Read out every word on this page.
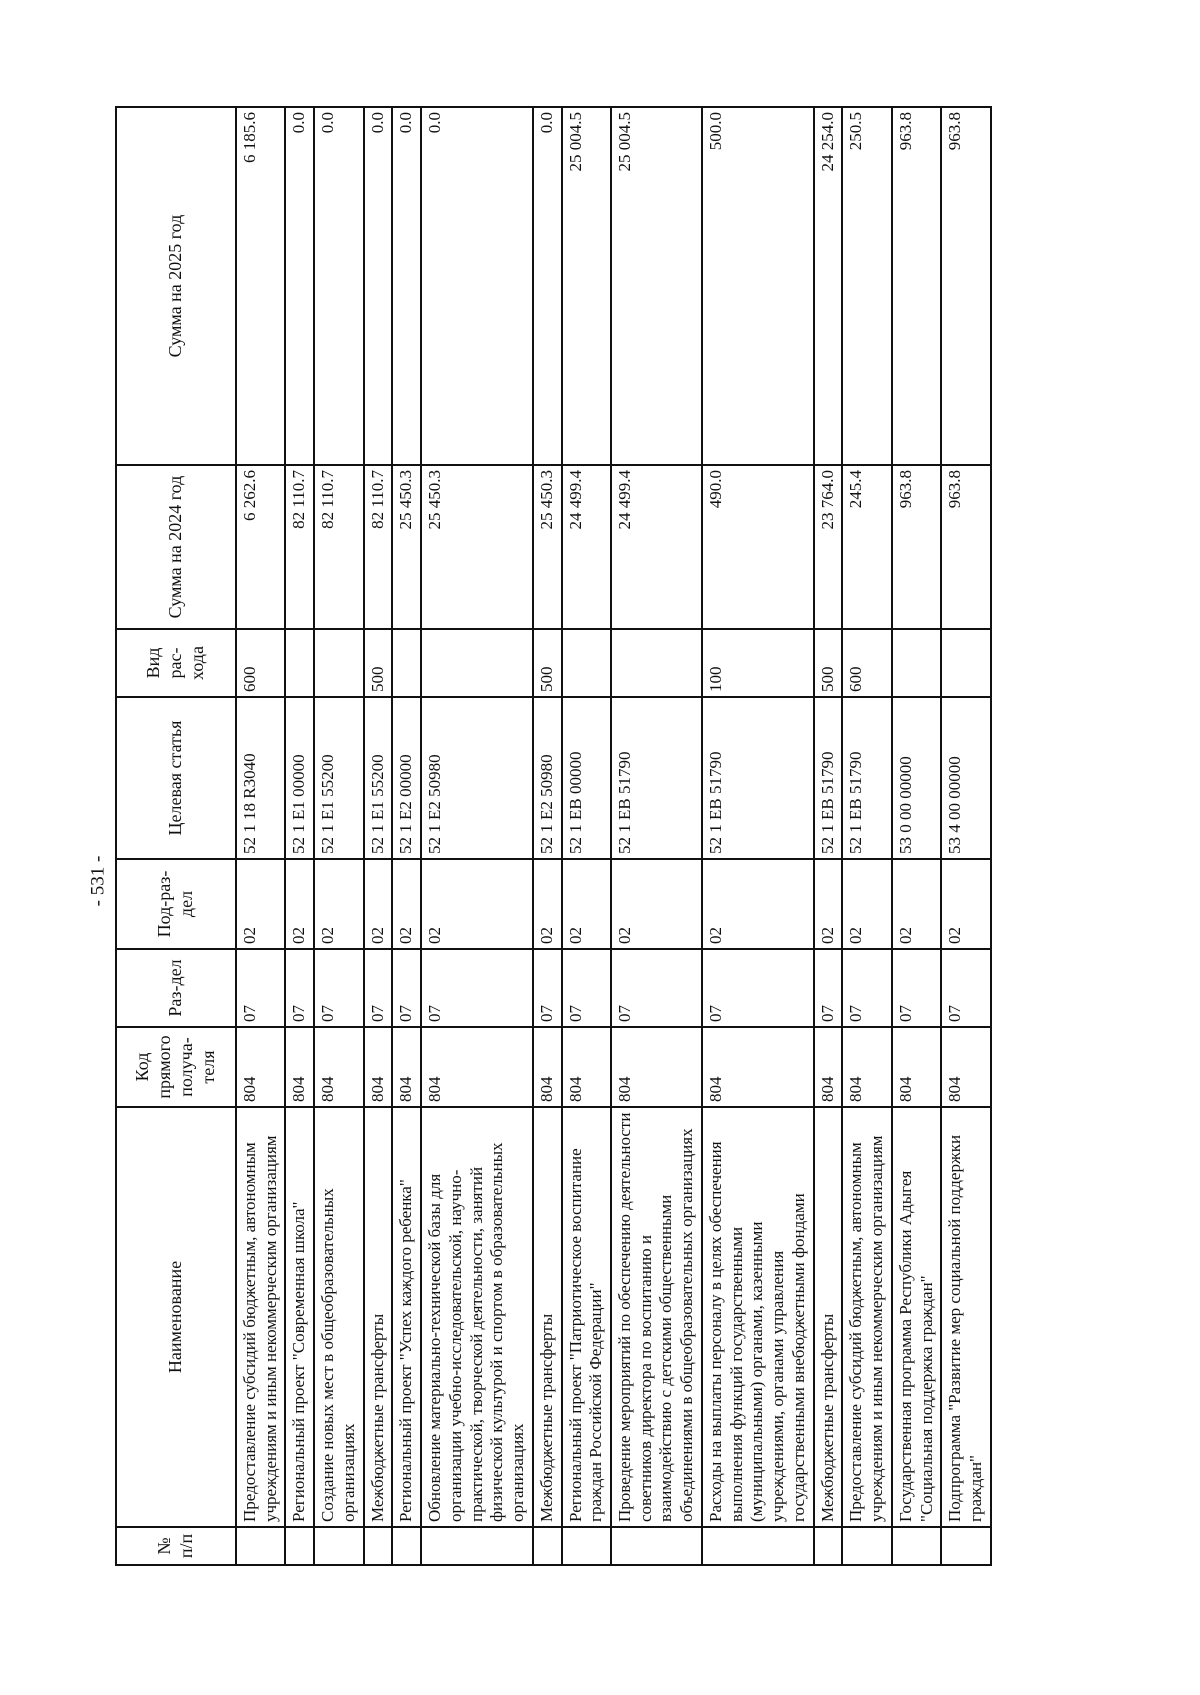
- 531 -
№ п/п	Наименование	Код прямого получа-теля	Раз-дел	Под-раз-дел	Целевая статья	Вид рас-хода	Сумма на 2024 год	Сумма на 2025 год
	Предоставление субсидий бюджетным, автономным учреждениям и иным некоммерческим организациям	804	07	02	52 1 18 R3040	600	6 262.6	6 185.6
	Региональный проект "Современная школа"	804	07	02	52 1 E1 00000		82 110.7	0.0
	Создание новых мест в общеобразовательных организациях	804	07	02	52 1 E1 55200		82 110.7	0.0
	Межбюджетные трансферты	804	07	02	52 1 E1 55200	500	82 110.7	0.0
	Региональный проект "Успех каждого ребенка"	804	07	02	52 1 E2 00000		25 450.3	0.0
	Обновление материально-технической базы для организации учебно-исследовательской, научно-практической, творческой деятельности, занятий физической культурой и спортом в образовательных организациях	804	07	02	52 1 E2 50980		25 450.3	0.0
	Межбюджетные трансферты	804	07	02	52 1 E2 50980	500	25 450.3	0.0
	Региональный проект "Патриотическое воспитание граждан Российской Федерации"	804	07	02	52 1 EB 00000		24 499.4	25 004.5
	Проведение мероприятий по обеспечению деятельности советников директора по воспитанию и взаимодействию с детскими общественными объединениями в общеобразовательных организациях	804	07	02	52 1 EB 51790		24 499.4	25 004.5
	Расходы на выплаты персоналу в целях обеспечения выполнения функций государственными (муниципальными) органами, казенными учреждениями, органами управления государственными внебюджетными фондами	804	07	02	52 1 EB 51790	100	490.0	500.0
	Межбюджетные трансферты	804	07	02	52 1 EB 51790	500	23 764.0	24 254.0
	Предоставление субсидий бюджетным, автономным учреждениям и иным некоммерческим организациям	804	07	02	52 1 EB 51790	600	245.4	250.5
	Государственная программа Республики Адыгея "Социальная поддержка граждан"	804	07	02	53 0 00 00000		963.8	963.8
	Подпрограмма "Развитие мер социальной поддержки граждан"	804	07	02	53 4 00 00000		963.8	963.8
